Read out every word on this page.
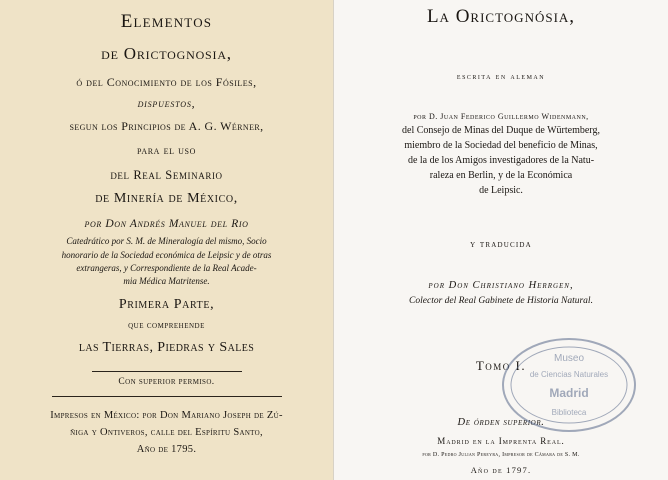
Elementos
de Orictognosia,
ó del Conocimiento de los Fósiles,
dispuestos,
segun los Principios de A. G. Wérner,
para el uso
del Real Seminario
de Minería de México,
por Don Andrés Manuel del Rio
Catedrático por S. M. de Mineralogía del mismo, Socio
honorario de la Sociedad económica de Leipsic y de otras
extrangeras, y Correspondiente de la Real Acade-
mia Médica Matritense.
Primera Parte,
que comprehende
las Tierras, Piedras y Sales
Con superior permiso.
Impresos en México: por Don Mariano Joseph de Zú-
ñiga y Ontiveros, calle del Espíritu Santo,
Año de 1795.
La Orictognósia,
escrita en aleman
por D. Juan Federico Guillermo Widenmann,
del Consejo de Minas del Duque de Würtemberg,
miembro de la Sociedad del beneficio de Minas,
de la de los Amigos investigadores de la Natu-
raleza en Berlin, y de la Económica
de Leipsic.
y traducida
por Don Christiano Herrgen,
Colector del Real Gabinete de Historia Natural.
Tomo I.
De órden superior.
Madrid en la Imprenta Real.
por D. Pedro Julian Pereyra, Impresor de Cámara de S. M.
Año de 1797.
Museo
de Ciencias Naturales
Madrid
Biblioteca
